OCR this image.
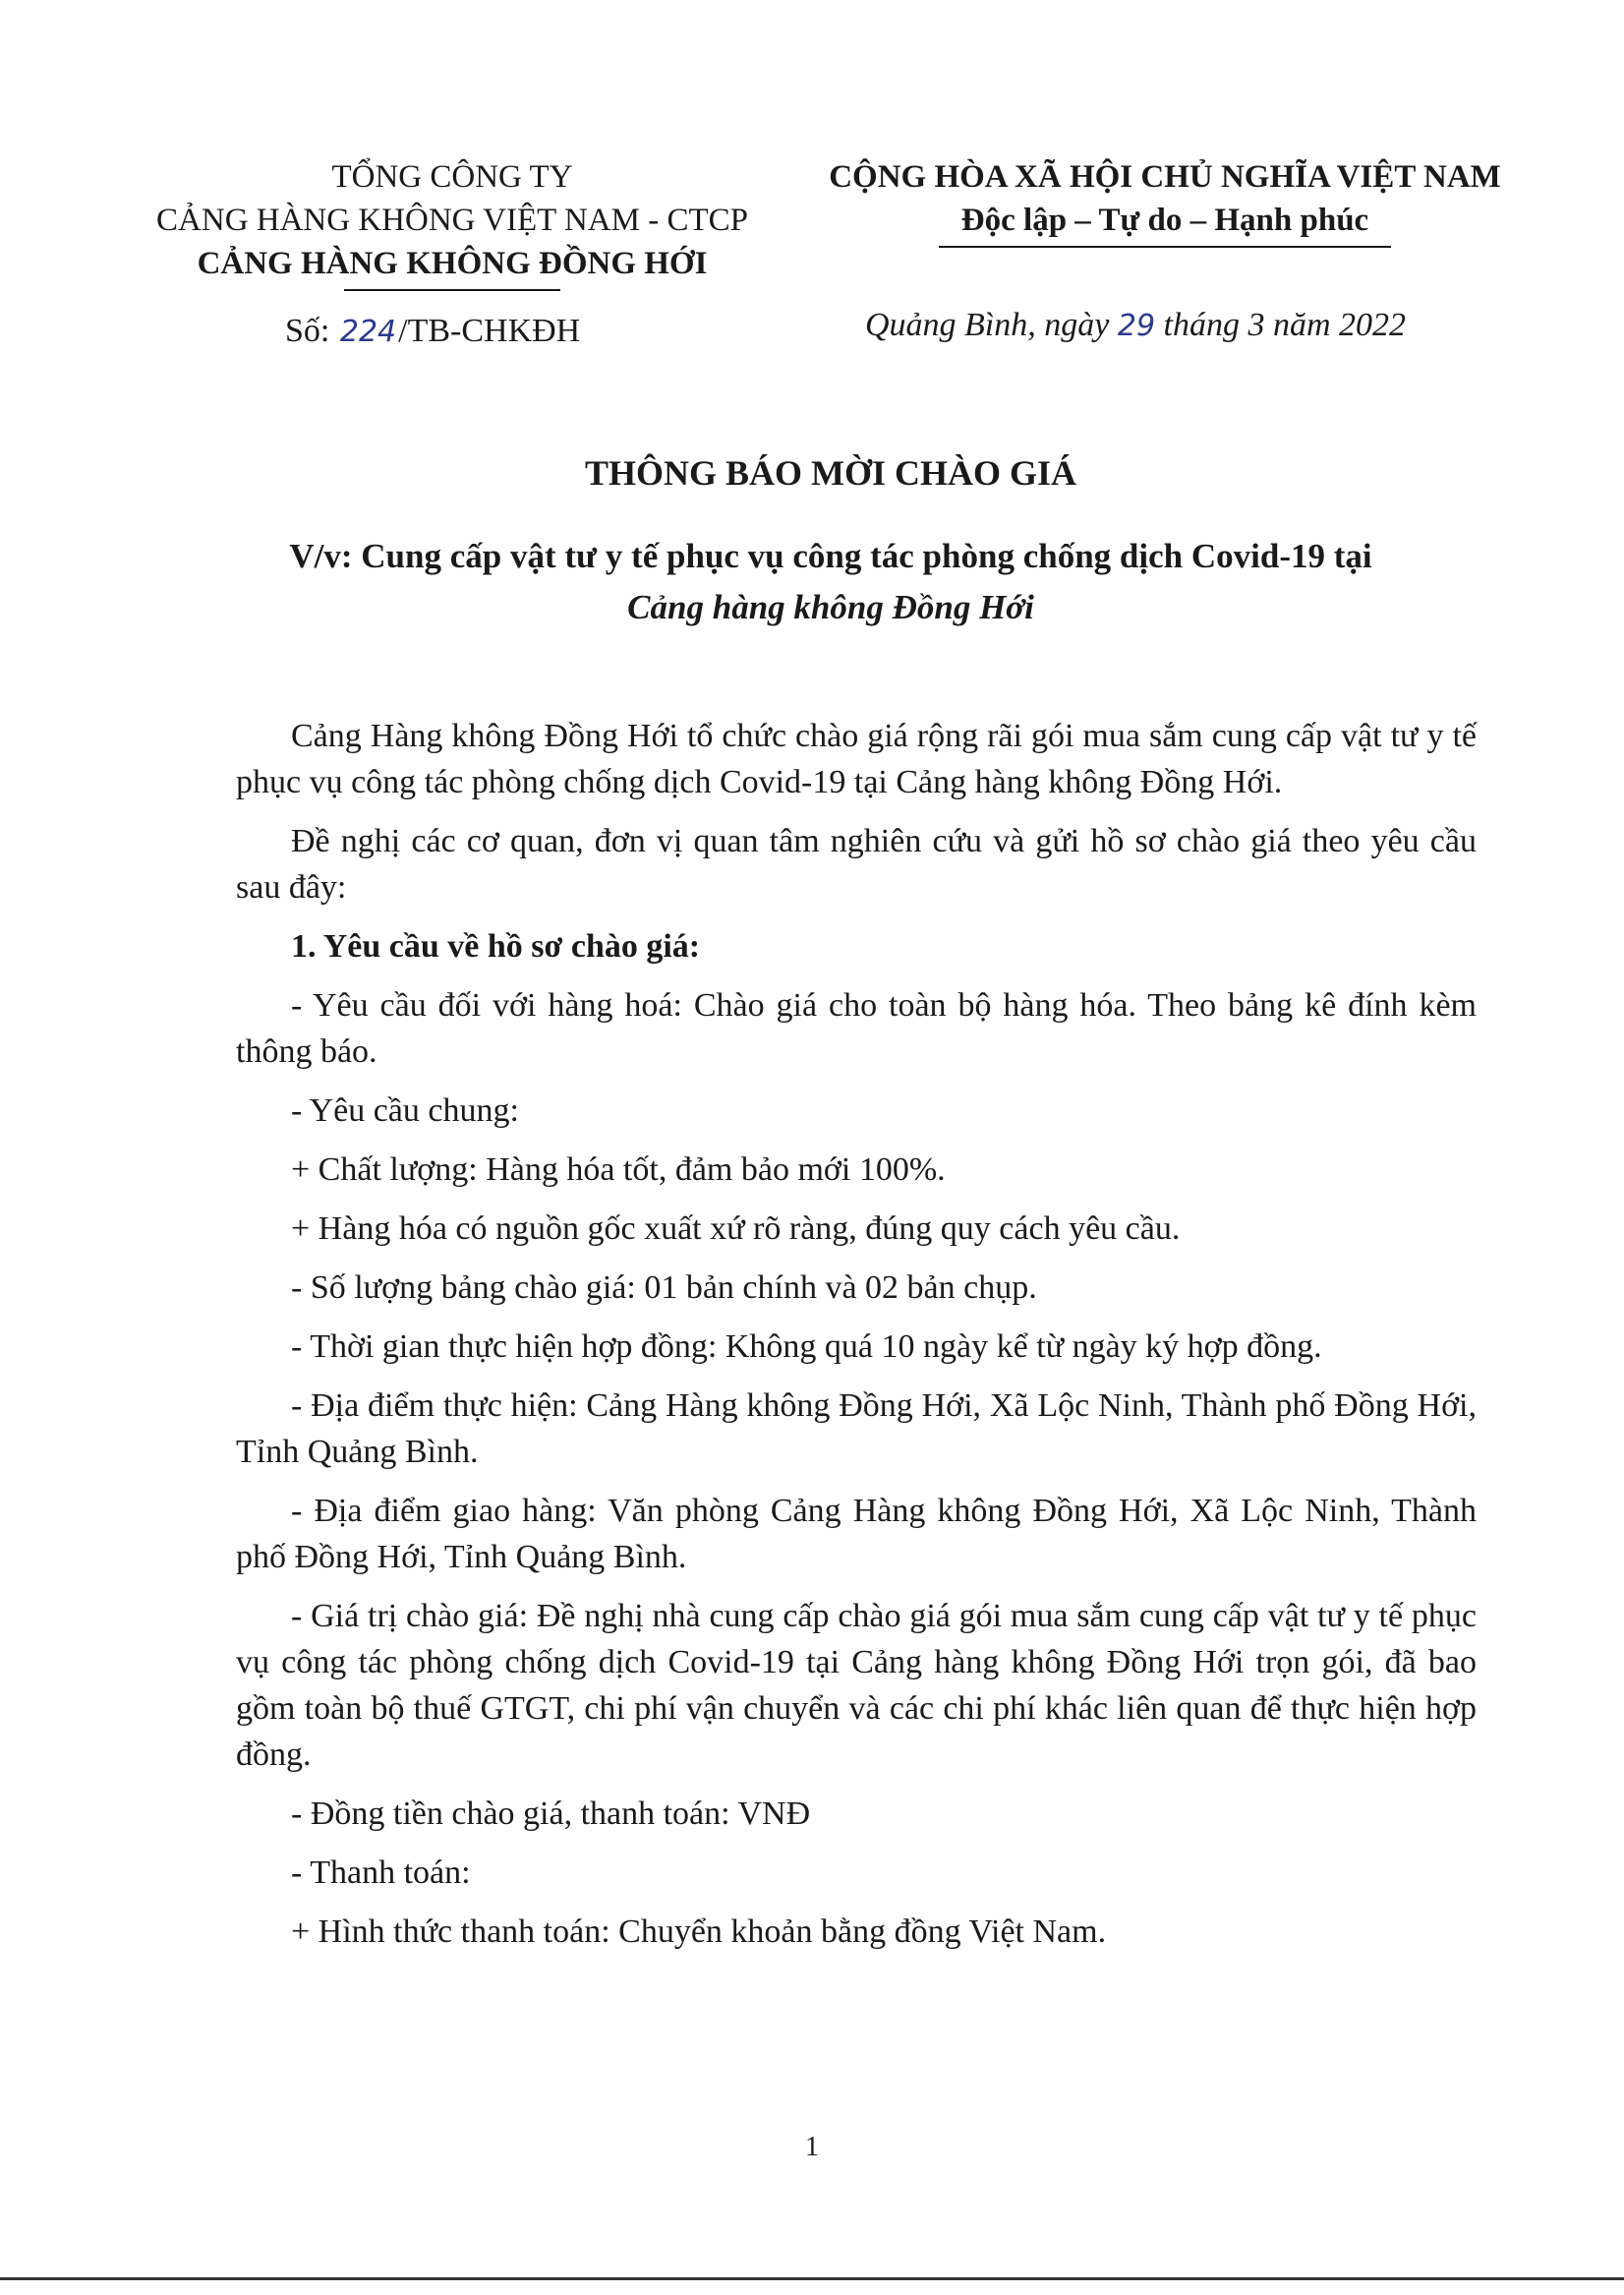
TỔNG CÔNG TY
CẢNG HÀNG KHÔNG VIỆT NAM - CTCP
CẢNG HÀNG KHÔNG ĐỒNG HỚI
CỘNG HÒA XÃ HỘI CHỦ NGHĨA VIỆT NAM
Độc lập – Tự do – Hạnh phúc
Số: 224/TB-CHKĐH	Quảng Bình, ngày 29 tháng 3 năm 2022
THÔNG BÁO MỜI CHÀO GIÁ
V/v: Cung cấp vật tư y tế phục vụ công tác phòng chống dịch Covid-19 tại
Cảng hàng không Đồng Hới

Cảng Hàng không Đồng Hới tổ chức chào giá rộng rãi gói mua sắm cung cấp vật tư y tế phục vụ công tác phòng chống dịch Covid-19 tại Cảng hàng không Đồng Hới.

Đề nghị các cơ quan, đơn vị quan tâm nghiên cứu và gửi hồ sơ chào giá theo yêu cầu sau đây:

1. Yêu cầu về hồ sơ chào giá:

- Yêu cầu đối với hàng hoá: Chào giá cho toàn bộ hàng hóa. Theo bảng kê đính kèm thông báo.

- Yêu cầu chung:

+ Chất lượng: Hàng hóa tốt, đảm bảo mới 100%.

+ Hàng hóa có nguồn gốc xuất xứ rõ ràng, đúng quy cách yêu cầu.

- Số lượng bảng chào giá: 01 bản chính và 02 bản chụp.

- Thời gian thực hiện hợp đồng: Không quá 10 ngày kể từ ngày ký hợp đồng.

- Địa điểm thực hiện: Cảng Hàng không Đồng Hới, Xã Lộc Ninh, Thành phố Đồng Hới, Tỉnh Quảng Bình.

- Địa điểm giao hàng: Văn phòng Cảng Hàng không Đồng Hới, Xã Lộc Ninh, Thành phố Đồng Hới, Tỉnh Quảng Bình.

- Giá trị chào giá: Đề nghị nhà cung cấp chào giá gói mua sắm cung cấp vật tư y tế phục vụ công tác phòng chống dịch Covid-19 tại Cảng hàng không Đồng Hới trọn gói, đã bao gồm toàn bộ thuế GTGT, chi phí vận chuyển và các chi phí khác liên quan để thực hiện hợp đồng.

- Đồng tiền chào giá, thanh toán: VNĐ

- Thanh toán:

+ Hình thức thanh toán: Chuyển khoản bằng đồng Việt Nam.

1
